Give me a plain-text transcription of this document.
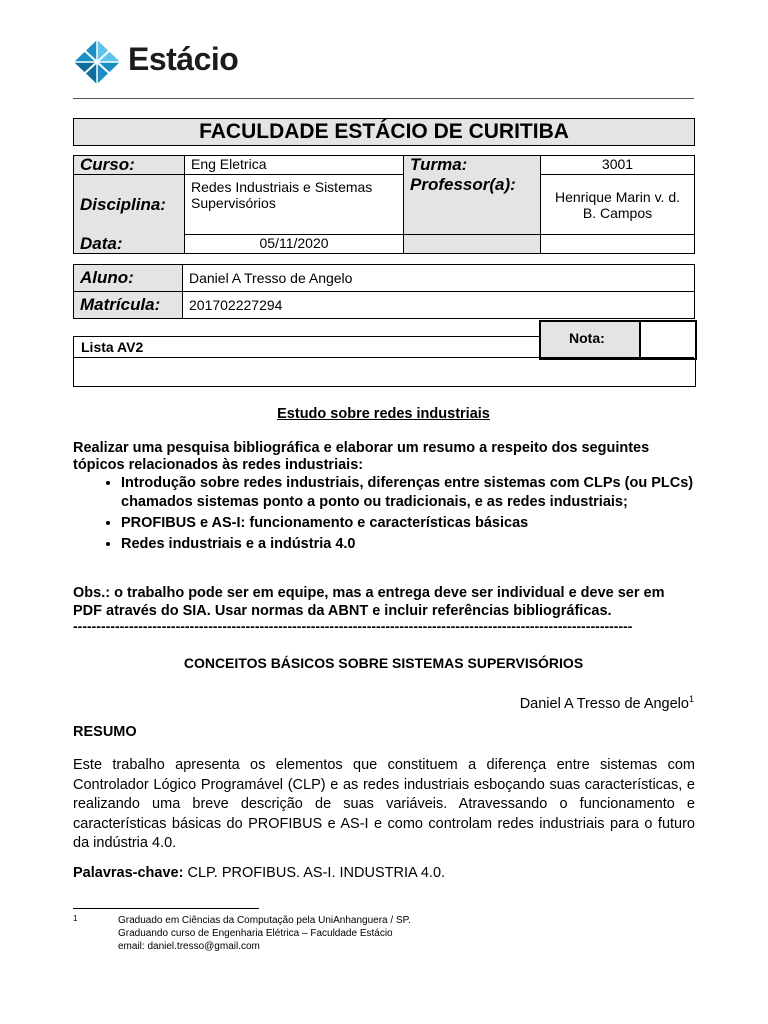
Estácio
FACULDADE ESTÁCIO DE CURITIBA
Curso:	Eng Eletrica	Turma:	3001
Disciplina:	Redes Industriais e Sistemas Supervisórios	Professor(a):	Henrique Marin v. d. B. Campos
Data:	05/11/2020		
Aluno:	Daniel A Tresso de Angelo
Matrícula:	201702227294
Lista AV2
Nota:
Estudo sobre redes industriais
Realizar uma pesquisa bibliográfica e elaborar um resumo a respeito dos seguintes tópicos relacionados às redes industriais:
• Introdução sobre redes industriais, diferenças entre sistemas com CLPs (ou PLCs) chamados sistemas ponto a ponto ou tradicionais, e as redes industriais;
• PROFIBUS e AS-I: funcionamento e características básicas
• Redes industriais e a indústria 4.0
Obs.: o trabalho pode ser em equipe, mas a entrega deve ser individual e deve ser em PDF através do SIA. Usar normas da ABNT e incluir referências bibliográficas.
------------------------------------------------------------------------------------------------------------------------
CONCEITOS BÁSICOS SOBRE SISTEMAS SUPERVISÓRIOS
Daniel A Tresso de Angelo$^1$
RESUMO
Este trabalho apresenta os elementos que constituem a diferença entre sistemas com Controlador Lógico Programável (CLP) e as redes industriais esboçando suas características, e realizando uma breve descrição de suas variáveis. Atravessando o funcionamento e características básicas do PROFIBUS e AS-I e como controlam redes industriais para o futuro da indústria 4.0.
Palavras-chave: CLP. PROFIBUS. AS-I. INDUSTRIA 4.0.
1	Graduado em Ciências da Computação pela UniAnhanguera / SP.
Graduando curso de Engenharia Elétrica – Faculdade Estácio
email: daniel.tresso@gmail.com
